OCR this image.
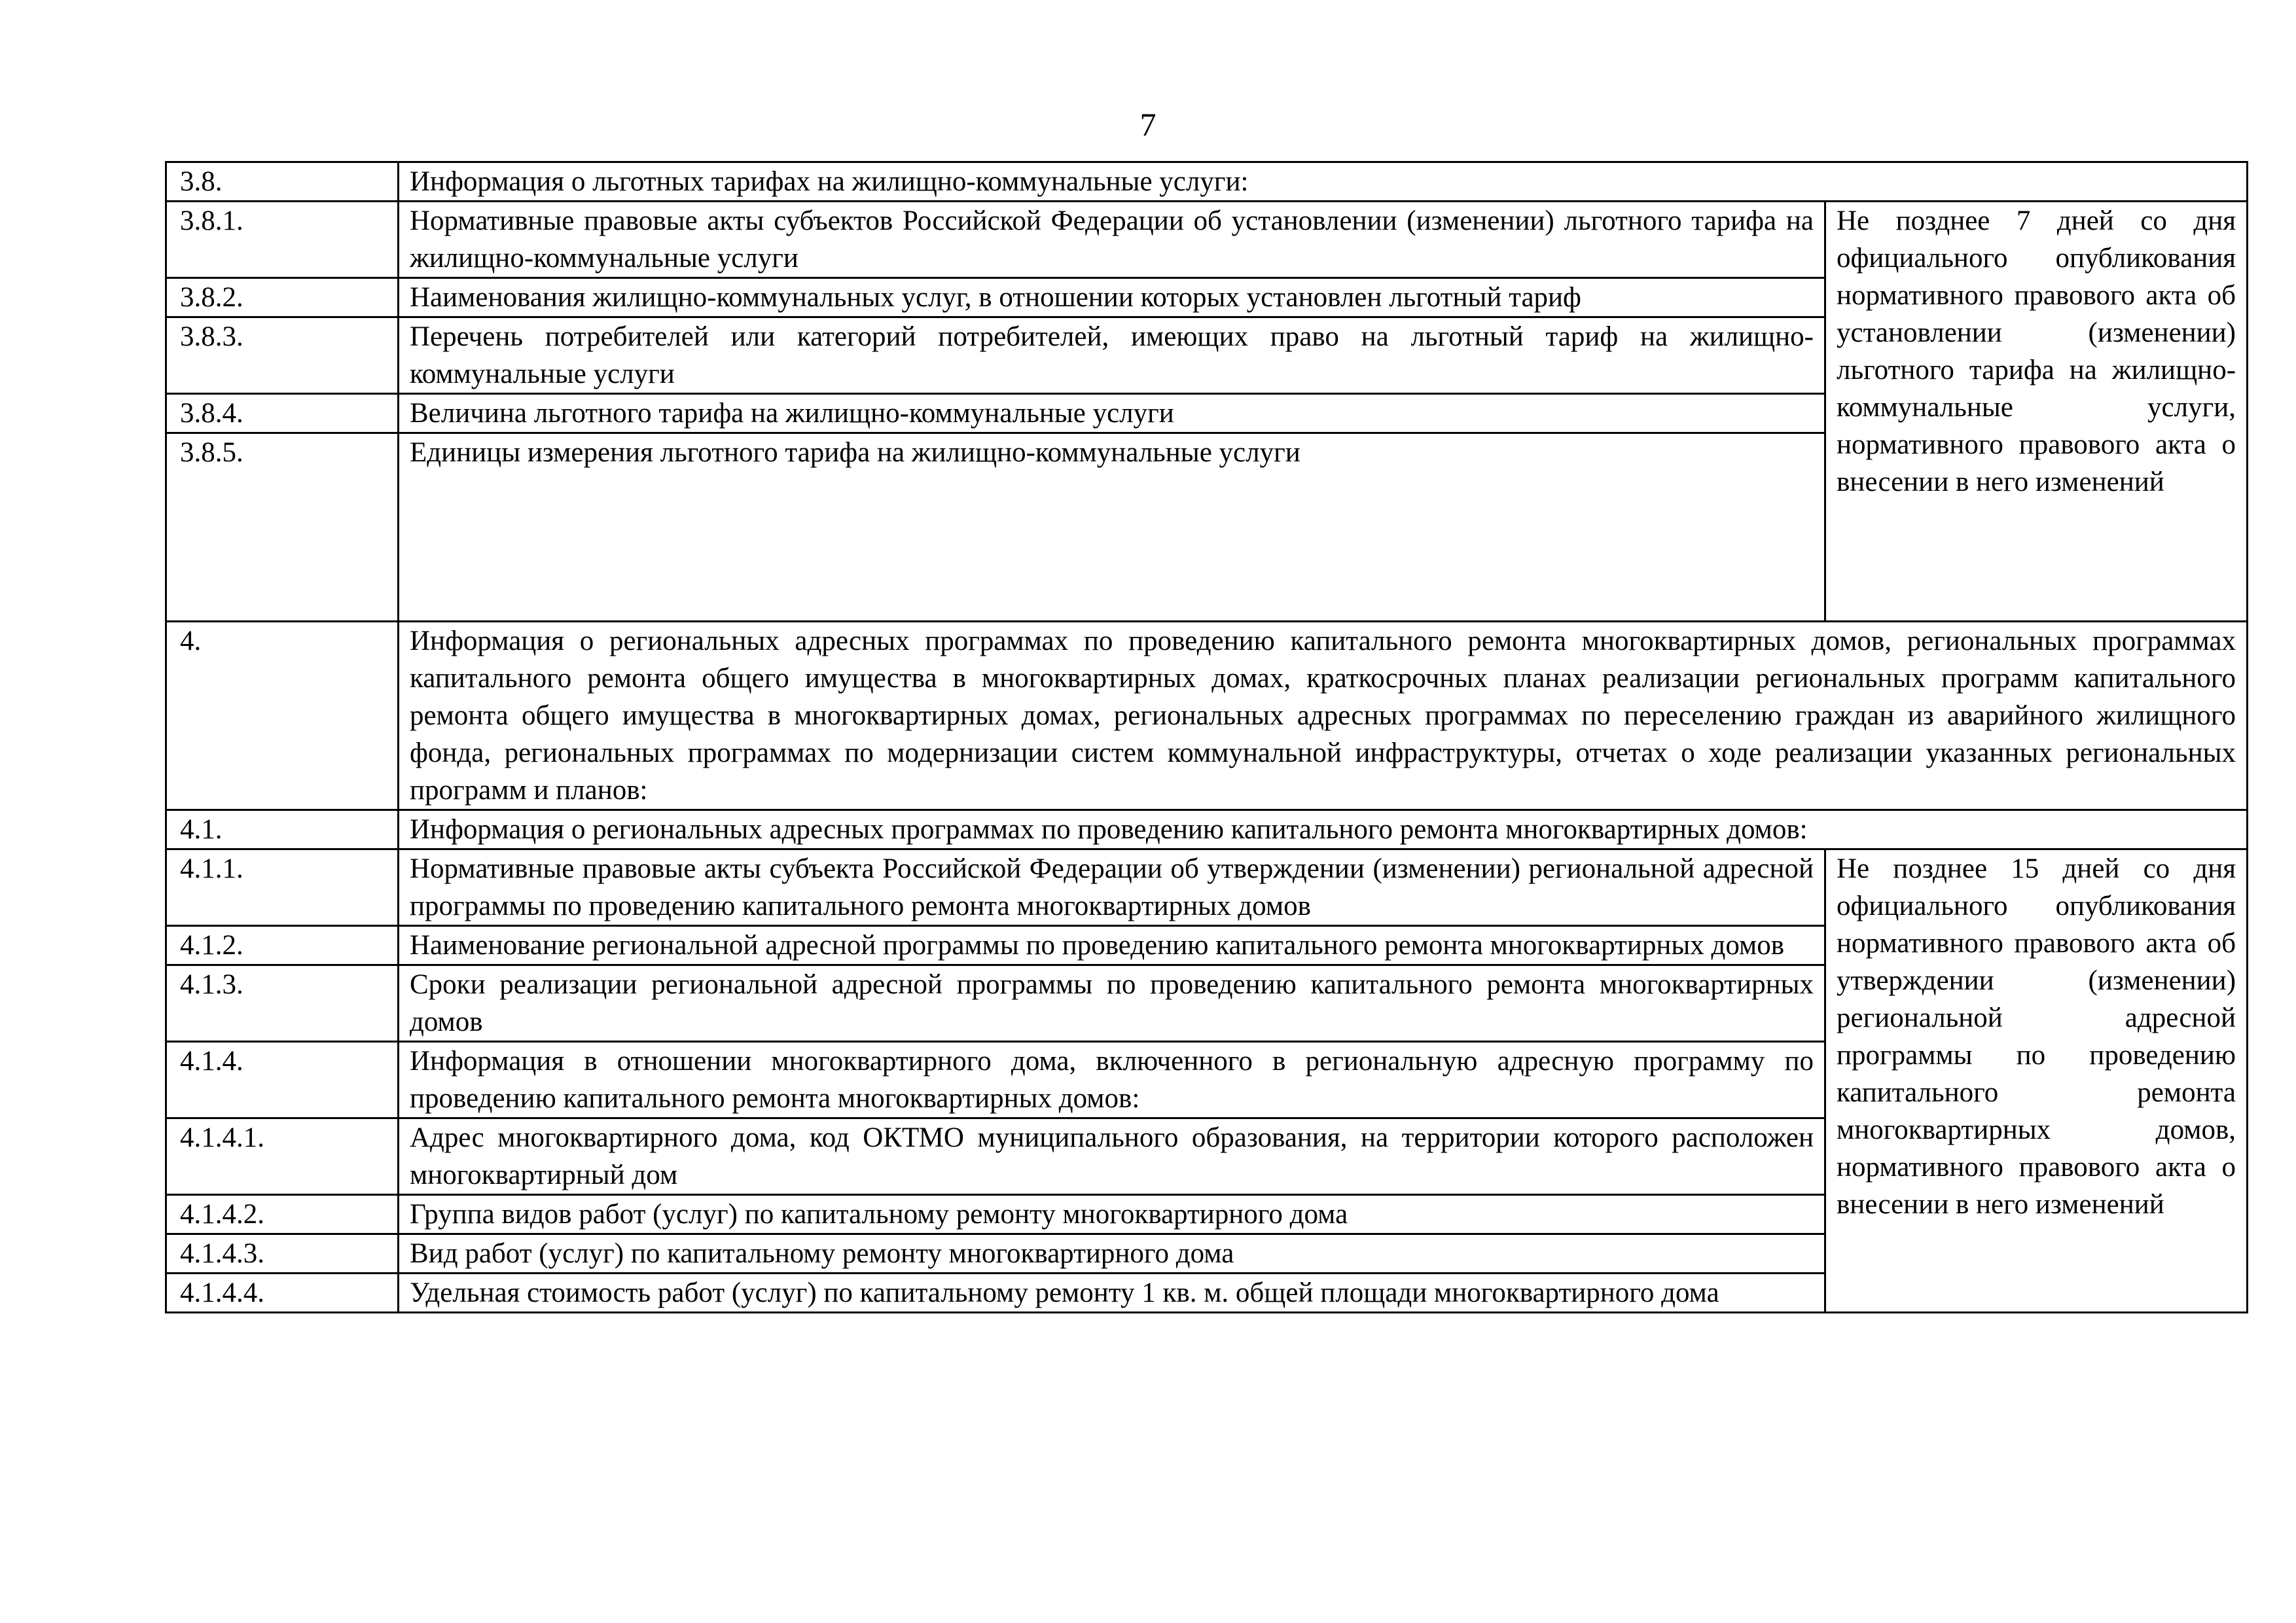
7
3.8.	Информация о льготных тарифах на жилищно-коммунальные услуги:	
3.8.1.	Нормативные правовые акты субъектов Российской Федерации об установлении (изменении) льготного тарифа на жилищно-коммунальные услуги	Не позднее 7 дней со дня официального опубликования нормативного правового акта об установлении (изменении) льготного тарифа на жилищно-коммунальные услуги, нормативного правового акта о внесении в него изменений
3.8.2.	Наименования жилищно-коммунальных услуг, в отношении которых установлен льготный тариф	
3.8.3.	Перечень потребителей или категорий потребителей, имеющих право на льготный тариф на жилищно-коммунальные услуги	
3.8.4.	Величина льготного тарифа на жилищно-коммунальные услуги	
3.8.5.	Единицы измерения льготного тарифа на жилищно-коммунальные услуги	

4.	Информация о региональных адресных программах по проведению капитального ремонта многоквартирных домов, региональных программах капитального ремонта общего имущества в многоквартирных домах, краткосрочных планах реализации региональных программ капитального ремонта общего имущества в многоквартирных домах, региональных адресных программах по переселению граждан из аварийного жилищного фонда, региональных программах по модернизации систем коммунальной инфраструктуры, отчетах о ходе реализации указанных региональных программ и планов:	
4.1.	Информация о региональных адресных программах по проведению капитального ремонта многоквартирных домов:	
4.1.1.	Нормативные правовые акты субъекта Российской Федерации об утверждении (изменении) региональной адресной программы по проведению капитального ремонта многоквартирных домов	Не позднее 15 дней со дня официального опубликования нормативного правового акта об утверждении (изменении) региональной адресной программы по проведению капитального ремонта многоквартирных домов, нормативного правового акта о внесении в него изменений
4.1.2.	Наименование региональной адресной программы по проведению капитального ремонта многоквартирных домов	
4.1.3.	Сроки реализации региональной адресной программы по проведению капитального ремонта многоквартирных домов	
4.1.4.	Информация в отношении многоквартирного дома, включенного в региональную адресную программу по проведению капитального ремонта многоквартирных домов:	
4.1.4.1.	Адрес многоквартирного дома, код ОКТМО муниципального образования, на территории которого расположен многоквартирный дом	
4.1.4.2.	Группа видов работ (услуг) по капитальному ремонту многоквартирного дома	
4.1.4.3.	Вид работ (услуг) по капитальному ремонту многоквартирного дома	
4.1.4.4.	Удельная стоимость работ (услуг) по капитальному ремонту 1 кв. м. общей площади многоквартирного дома	
